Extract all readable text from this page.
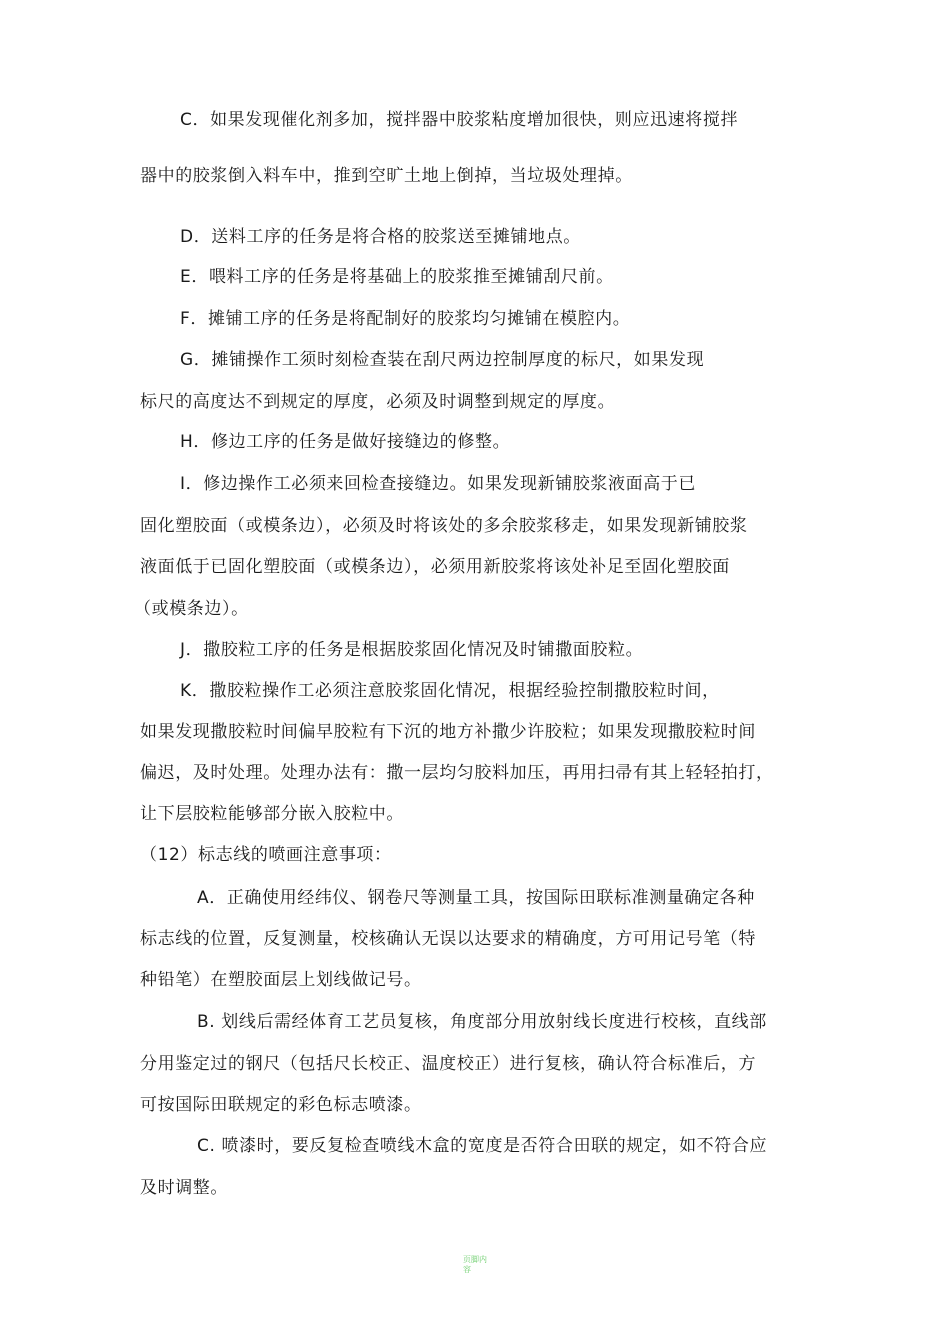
C．如果发现催化剂多加，搅拌器中胶浆粘度增加很快，则应迅速将搅拌
器中的胶浆倒入料车中，推到空旷土地上倒掉，当垃圾处理掉。
D．送料工序的任务是将合格的胶浆送至摊铺地点。
E．喂料工序的任务是将基础上的胶浆推至摊铺刮尺前。
F．摊铺工序的任务是将配制好的胶浆均匀摊铺在模腔内。
G．摊铺操作工须时刻检查装在刮尺两边控制厚度的标尺，如果发现
标尺的高度达不到规定的厚度，必须及时调整到规定的厚度。
H．修边工序的任务是做好接缝边的修整。
I．修边操作工必须来回检查接缝边。如果发现新铺胶浆液面高于已
固化塑胶面（或模条边），必须及时将该处的多余胶浆移走，如果发现新铺胶浆
液面低于已固化塑胶面（或模条边），必须用新胶浆将该处补足至固化塑胶面
（或模条边）。
J．撒胶粒工序的任务是根据胶浆固化情况及时铺撒面胶粒。
K．撒胶粒操作工必须注意胶浆固化情况，根据经验控制撒胶粒时间，
如果发现撒胶粒时间偏早胶粒有下沉的地方补撒少许胶粒；如果发现撒胶粒时间
偏迟，及时处理。处理办法有：撒一层均匀胶料加压，再用扫帚有其上轻轻拍打，
让下层胶粒能够部分嵌入胶粒中。
（12）标志线的喷画注意事项：
A．正确使用经纬仪、钢卷尺等测量工具，按国际田联标准测量确定各种
标志线的位置，反复测量，校核确认无误以达要求的精确度，方可用记号笔（特
种铅笔）在塑胶面层上划线做记号。
B. 划线后需经体育工艺员复核，角度部分用放射线长度进行校核，直线部
分用鉴定过的钢尺（包括尺长校正、温度校正）进行复核，确认符合标准后，方
可按国际田联规定的彩色标志喷漆。
C. 喷漆时，要反复检查喷线木盒的宽度是否符合田联的规定，如不符合应
及时调整。
页脚内
容
